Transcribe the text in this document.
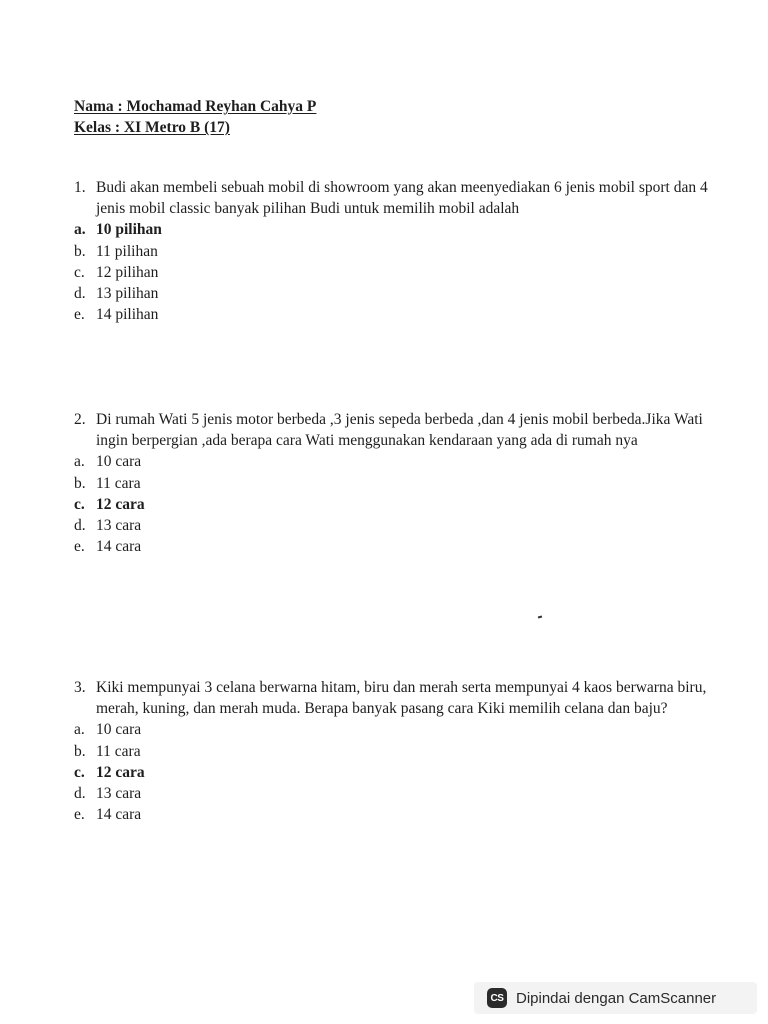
Nama : Mochamad Reyhan Cahya P
Kelas : XI Metro B (17)
1. Budi akan membeli sebuah mobil di showroom yang akan meenyediakan 6 jenis mobil sport dan 4 jenis mobil classic banyak pilihan Budi untuk memilih mobil adalah
a. 10 pilihan
b. 11 pilihan
c. 12 pilihan
d. 13 pilihan
e. 14 pilihan
2. Di rumah Wati 5 jenis motor berbeda ,3 jenis sepeda berbeda ,dan 4 jenis mobil berbeda.Jika Wati ingin berpergian ,ada berapa cara Wati menggunakan kendaraan yang ada di rumah nya
a. 10 cara
b. 11 cara
c. 12 cara
d. 13 cara
e. 14 cara
3. Kiki mempunyai 3 celana berwarna hitam, biru dan merah serta mempunyai 4 kaos berwarna biru, merah, kuning, dan merah muda. Berapa banyak pasang cara Kiki memilih celana dan baju?
a. 10 cara
b. 11 cara
c. 12 cara
d. 13 cara
e. 14 cara
CS Dipindai dengan CamScanner
